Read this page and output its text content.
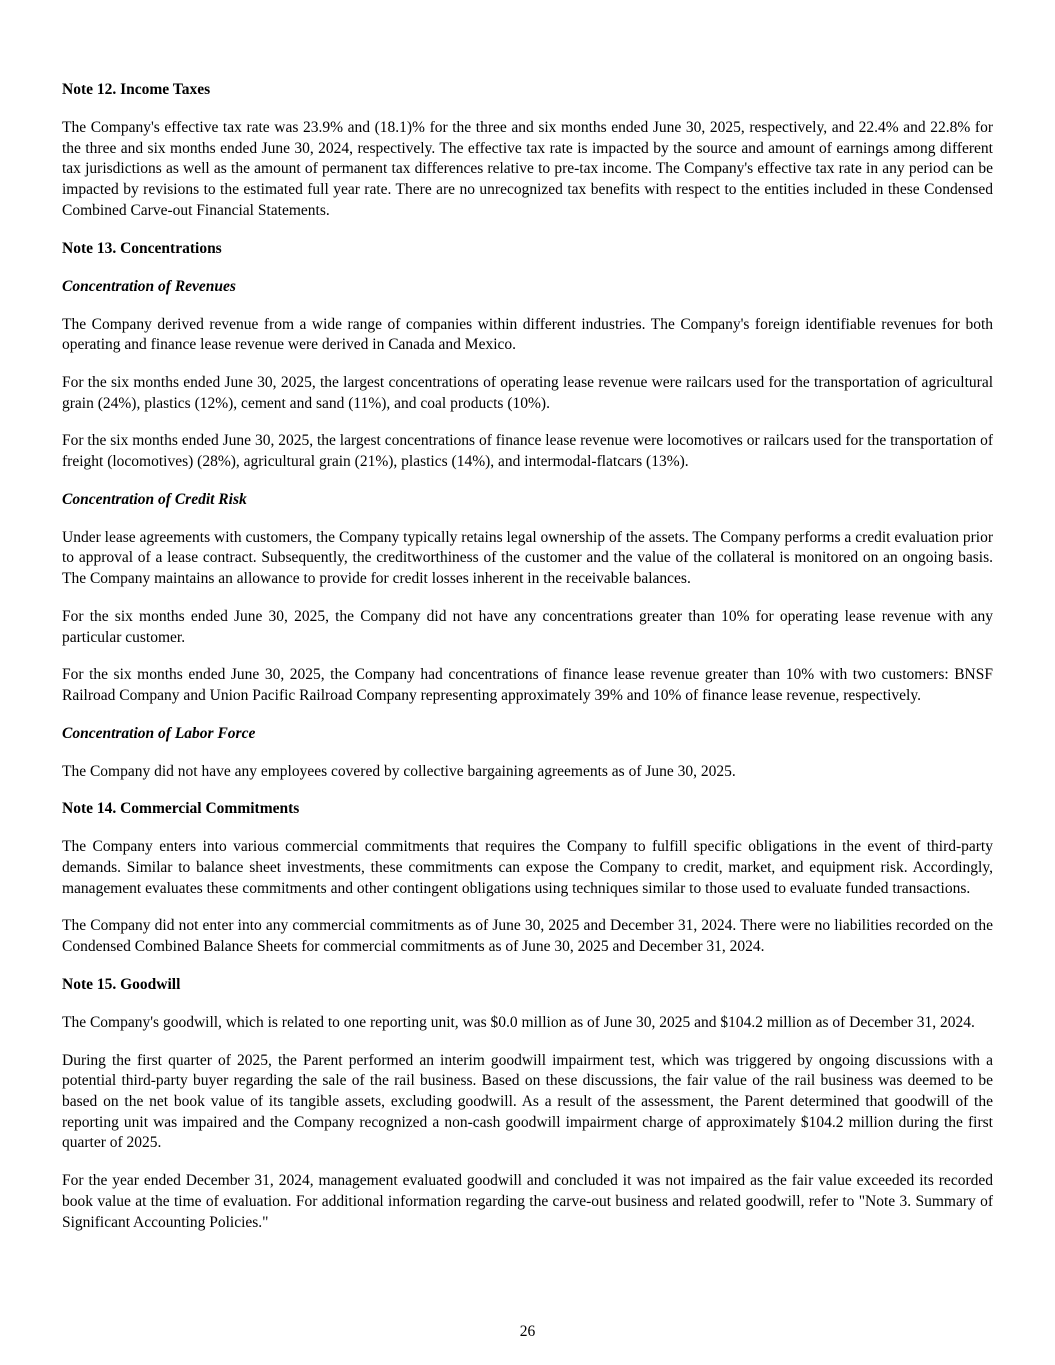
Note 12. Income Taxes

The Company's effective tax rate was 23.9% and (18.1)% for the three and six months ended June 30, 2025, respectively, and 22.4% and 22.8% for the three and six months ended June 30, 2024, respectively. The effective tax rate is impacted by the source and amount of earnings among different tax jurisdictions as well as the amount of permanent tax differences relative to pre-tax income. The Company's effective tax rate in any period can be impacted by revisions to the estimated full year rate. There are no unrecognized tax benefits with respect to the entities included in these Condensed Combined Carve-out Financial Statements.

Note 13. Concentrations
Concentration of Revenues

The Company derived revenue from a wide range of companies within different industries. The Company's foreign identifiable revenues for both operating and finance lease revenue were derived in Canada and Mexico.

For the six months ended June 30, 2025, the largest concentrations of operating lease revenue were railcars used for the transportation of agricultural grain (24%), plastics (12%), cement and sand (11%), and coal products (10%).

For the six months ended June 30, 2025, the largest concentrations of finance lease revenue were locomotives or railcars used for the transportation of freight (locomotives) (28%), agricultural grain (21%), plastics (14%), and intermodal-flatcars (13%).

Concentration of Credit Risk

Under lease agreements with customers, the Company typically retains legal ownership of the assets. The Company performs a credit evaluation prior to approval of a lease contract. Subsequently, the creditworthiness of the customer and the value of the collateral is monitored on an ongoing basis. The Company maintains an allowance to provide for credit losses inherent in the receivable balances.

For the six months ended June 30, 2025, the Company did not have any concentrations greater than 10% for operating lease revenue with any particular customer.

For the six months ended June 30, 2025, the Company had concentrations of finance lease revenue greater than 10% with two customers: BNSF Railroad Company and Union Pacific Railroad Company representing approximately 39% and 10% of finance lease revenue, respectively.

Concentration of Labor Force

The Company did not have any employees covered by collective bargaining agreements as of June 30, 2025.

Note 14. Commercial Commitments

The Company enters into various commercial commitments that requires the Company to fulfill specific obligations in the event of third-party demands. Similar to balance sheet investments, these commitments can expose the Company to credit, market, and equipment risk. Accordingly, management evaluates these commitments and other contingent obligations using techniques similar to those used to evaluate funded transactions.

The Company did not enter into any commercial commitments as of June 30, 2025 and December 31, 2024. There were no liabilities recorded on the Condensed Combined Balance Sheets for commercial commitments as of June 30, 2025 and December 31, 2024.

Note 15. Goodwill

The Company's goodwill, which is related to one reporting unit, was $0.0 million as of June 30, 2025 and $104.2 million as of December 31, 2024.

During the first quarter of 2025, the Parent performed an interim goodwill impairment test, which was triggered by ongoing discussions with a potential third-party buyer regarding the sale of the rail business. Based on these discussions, the fair value of the rail business was deemed to be based on the net book value of its tangible assets, excluding goodwill. As a result of the assessment, the Parent determined that goodwill of the reporting unit was impaired and the Company recognized a non-cash goodwill impairment charge of approximately $104.2 million during the first quarter of 2025.

For the year ended December 31, 2024, management evaluated goodwill and concluded it was not impaired as the fair value exceeded its recorded book value at the time of evaluation. For additional information regarding the carve-out business and related goodwill, refer to "Note 3. Summary of Significant Accounting Policies."

26
